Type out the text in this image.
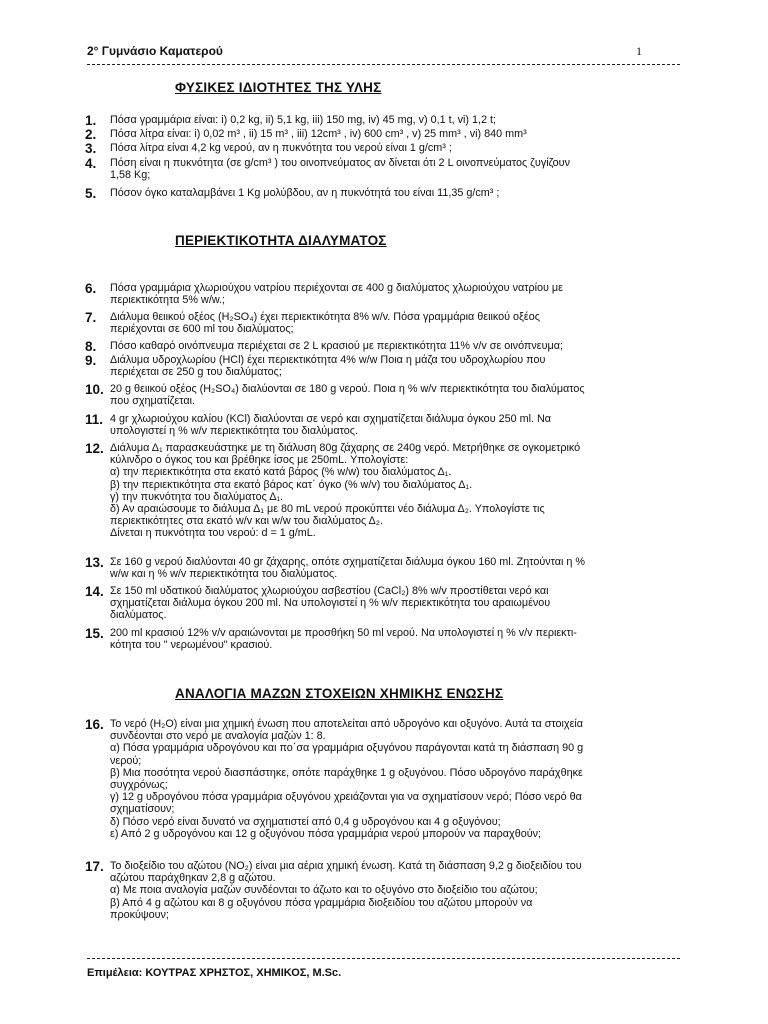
2° Γυμνάσιο Καματερού	1
ΦΥΣΙΚΕΣ ΙΔΙΟΤΗΤΕΣ ΤΗΣ ΥΛΗΣ
1.	Πόσα γραμμάρια είναι: i) 0,2 kg, ii) 5,1 kg, iii) 150 mg, iv) 45 mg, v) 0,1 t, vi) 1,2 t;
2.	Πόσα λίτρα είναι: i) 0,02 m³ , ii) 15 m³ , iii) 12cm³ , iv) 600 cm³ , v) 25 mm³ , vi) 840 mm³
3.	Πόσα λίτρα είναι 4,2 kg νερού, αν η πυκνότητα του νερού είναι 1 g/cm³ ;
4.	Πόση είναι η πυκνότητα (σε g/cm³ ) του οινοπνεύματος αν δίνεται ότι 2 L οινοπνεύματος ζυγίζουν
1,58 Kg;
5.	Πόσον όγκο καταλαμβάνει 1 Kg μολύβδου, αν η πυκνότητά του είναι 11,35 g/cm³ ;
ΠΕΡΙΕΚΤΙΚΟΤΗΤΑ ΔΙΑΛΥΜΑΤΟΣ
6.	Πόσα γραμμάρια χλωριούχου νατρίου περιέχονται σε 400 g διαλύματος χλωριούχου νατρίου με
περιεκτικότητα 5% w/w.;
7.	Διάλυμα θειικού οξέος (H₂SO₄) έχει περιεκτικότητα 8% w/v. Πόσα γραμμάρια θειικού οξέος
περιέχονται σε 600 ml του διαλύματος;
8.	Πόσο καθαρό οινόπνευμα περιέχεται σε 2 L κρασιού με περιεκτικότητα 11% v/v σε οινόπνευμα;
9.	Διάλυμα υδροχλωρίου (HCl) έχει περιεκτικότητα 4% w/w Ποια η μάζα του υδροχλωρίου που
περιέχεται σε 250 g του διαλύματος;
10. 20 g θειικού οξέος (H₂SO₄) διαλύονται σε 180 g νερού. Ποια η % w/v περιεκτικότητα του διαλύματος
που σχηματίζεται.
11. 4 gr χλωριούχου καλίου (KCl) διαλύονται σε νερό και σχηματίζεται διάλυμα όγκου 250 ml. Να
υπολογιστεί η % w/v περιεκτικότητα του διαλύματος.
12. Διάλυμα Δ₁ παρασκευάστηκε με τη διάλυση 80g ζάχαρης σε 240g νερό. Μετρήθηκε σε ογκομετρικό
κύλινδρο ο όγκος του και βρέθηκε ίσος με 250mL. Υπολογίστε:
α) την περιεκτικότητα στα εκατό κατά βάρος (% w/w) του διαλύματος Δ₁.
β) την περιεκτικότητα στα εκατό βάρος κατ΄ όγκο (% w/v) του διαλύματος Δ₁.
γ) την πυκνότητα του διαλύματος Δ₁.
δ) Αν αραιώσουμε το διάλυμα Δ₁ με 80 mL νερού προκύπτει νέο διάλυμα Δ₂. Υπολογίστε τις
περιεκτικότητες στα εκατό w/v και w/w του διαλύματος Δ₂.
Δίνεται η πυκνότητα του νερού: d = 1 g/mL.
13. Σε 160 g νερού διαλύονται 40 gr ζάχαρης, οπότε σχηματίζεται διάλυμα όγκου 160 ml. Ζητούνται η %
w/w και η % w/v περιεκτικότητα του διαλύματος.
14. Σε 150 ml υδατικού διαλύματος χλωριούχου ασβεστίου (CaCl₂) 8% w/v προστίθεται νερό και
σχηματίζεται διάλυμα όγκου 200 ml. Να υπολογιστεί η % w/v περιεκτικότητα του αραιωμένου
διαλύματος.
15. 200 ml κρασιού 12% v/v αραιώνονται με προσθήκη 50 ml νερού. Να υπολογιστεί η % v/v περιεκτι-
κότητα του " νερωμένου" κρασιού.
ΑΝΑΛΟΓΙΑ ΜΑΖΩΝ ΣΤΟΧΕΙΩΝ ΧΗΜΙΚΗΣ ΕΝΩΣΗΣ
16. Το νερό (H₂O) είναι μια χημική ένωση που αποτελείται από υδρογόνο και οξυγόνο. Αυτά τα στοιχεία
συνδέονται στο νερό με αναλογία μαζών 1: 8.
α) Πόσα γραμμάρια υδρογόνου και πο΄σα γραμμάρια οξυγόνου παράγονται κατά τη διάσπαση 90 g
νερού;
β) Μια ποσότητα νερού διασπάστηκε, οπότε παράχθηκε 1 g οξυγόνου. Πόσο υδρογόνο παράχθηκε
συγχρόνως;
γ) 12 g υδρογόνου πόσα γραμμάρια οξυγόνου χρειάζονται για να σχηματίσουν νερό; Πόσο νερό θα
σχηματίσουν;
δ) Πόσο νερό είναι δυνατό να σχηματιστεί από 0,4 g υδρογόνου και 4 g οξυγόνου;
ε) Από 2 g υδρογόνου και 12 g οξυγόνου πόσα γραμμάρια νερού μπορούν να παραχθούν;
17. Το διοξείδιο του αζώτου (NO₂) είναι μια αέρια χημική ένωση. Κατά τη διάσπαση 9,2 g διοξειδίου του
αζώτου παράχθηκαν 2,8 g αζώτου.
α) Με ποια αναλογία μαζών συνδέονται το άζωτο και το οξυγόνο στο διοξείδιο του αζώτου;
β) Από 4 g αζώτου και 8 g οξυγόνου πόσα γραμμάρια διοξειδίου του αζώτου μπορούν να
προκύψουν;
Επιμέλεια: ΚΟΥΤΡΑΣ ΧΡΗΣΤΟΣ, ΧΗΜΙΚΟΣ, M.Sc.
